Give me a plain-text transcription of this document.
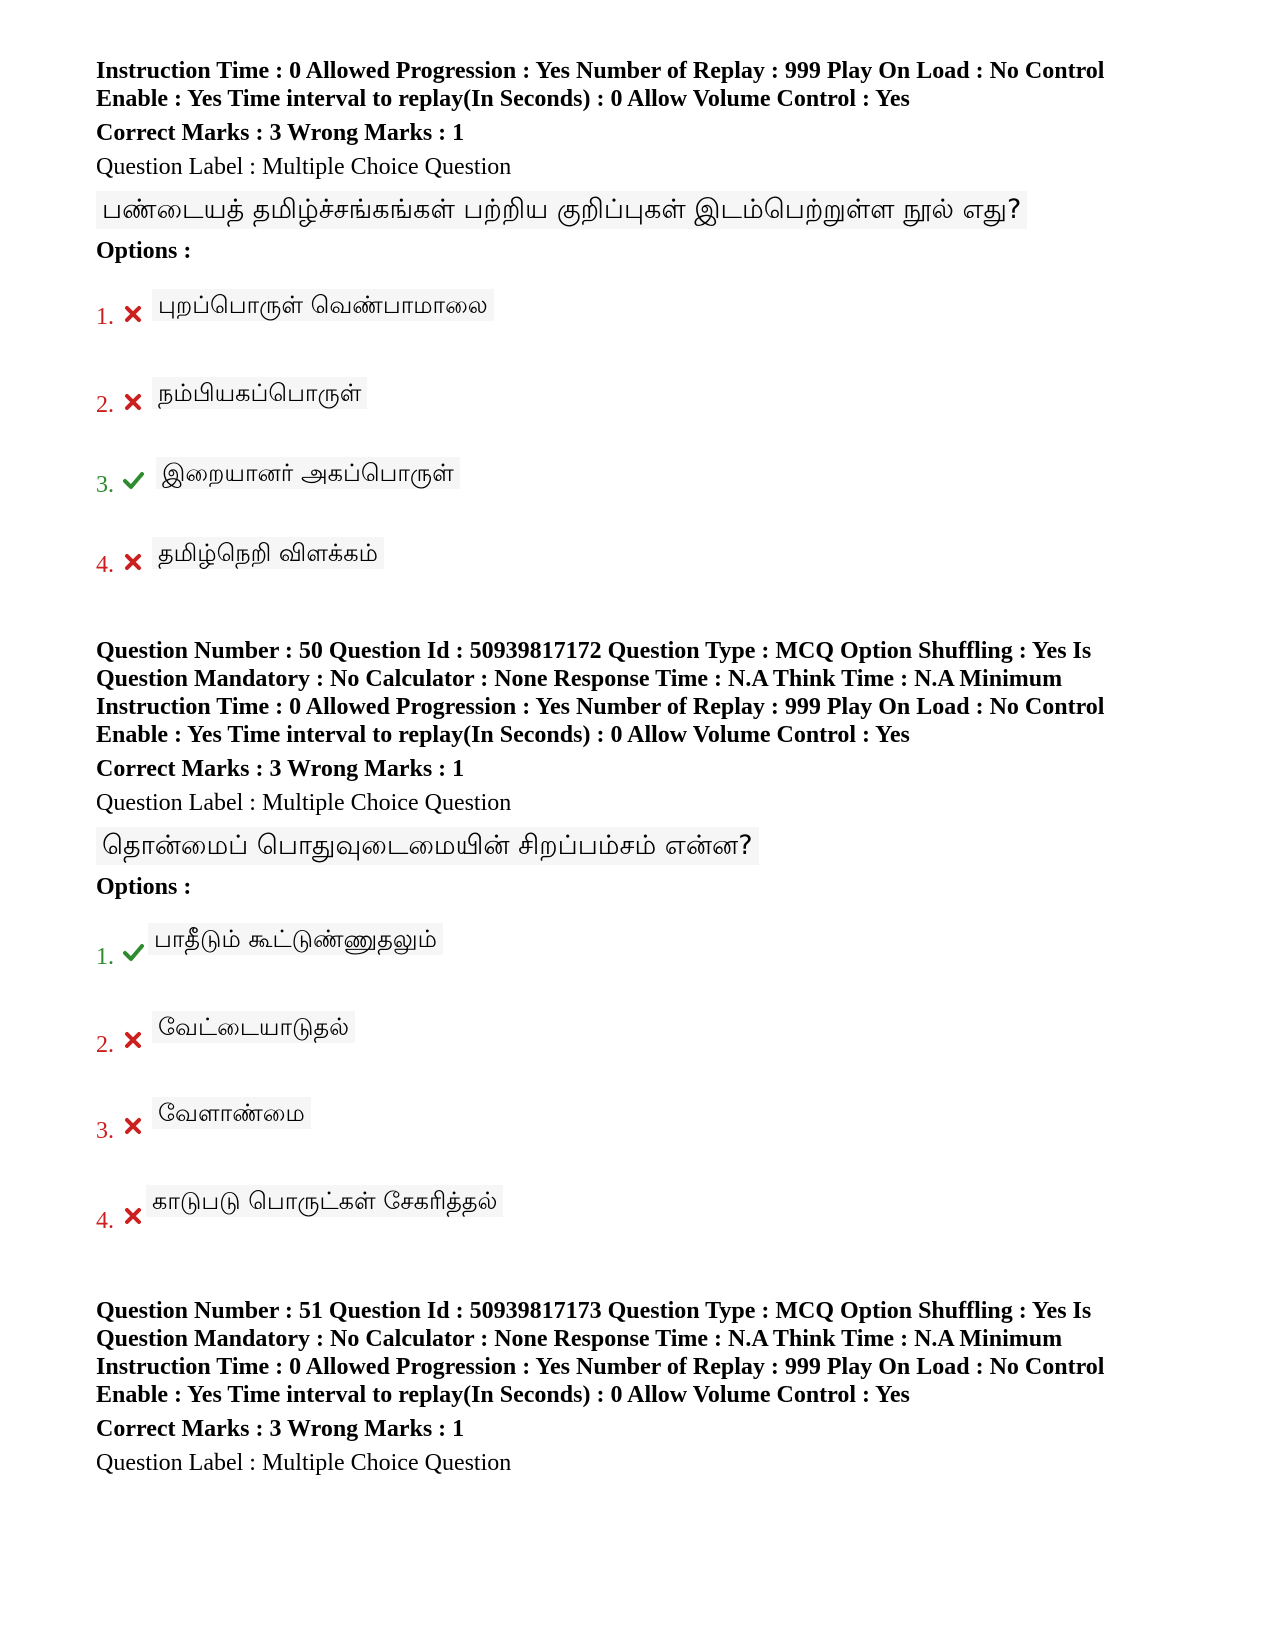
Instruction Time : 0 Allowed Progression : Yes Number of Replay : 999 Play On Load : No Control

Enable : Yes Time interval to replay(In Seconds) : 0 Allow Volume Control : Yes

Correct Marks : 3 Wrong Marks : 1

Question Label : Multiple Choice Question

பண்டையத் தமிழ்ச்சங்கங்கள் பற்றிய குறிப்புகள் இடம்பெற்றுள்ள நூல் எது?

Options :

1. புறப்பொருள் வெண்பாமாலை
2. நம்பியகப்பொருள்
3. இறையானர் அகப்பொருள்
4. தமிழ்நெறி விளக்கம்

Question Number : 50 Question Id : 50939817172 Question Type : MCQ Option Shuffling : Yes Is

Question Mandatory : No Calculator : None Response Time : N.A Think Time : N.A Minimum

Instruction Time : 0 Allowed Progression : Yes Number of Replay : 999 Play On Load : No Control

Enable : Yes Time interval to replay(In Seconds) : 0 Allow Volume Control : Yes

Correct Marks : 3 Wrong Marks : 1

Question Label : Multiple Choice Question

தொன்மைப் பொதுவுடைமையின் சிறப்பம்சம் என்ன?

Options :

1.
பாதீடும் கூட்டுண்ணுதலும்
2.
வேட்டையாடுதல்
3.
வேளாண்மை
4.
காடுபடு பொருட்கள் சேகரித்தல்

Question Number : 51 Question Id : 50939817173 Question Type : MCQ Option Shuffling : Yes Is

Question Mandatory : No Calculator : None Response Time : N.A Think Time : N.A Minimum

Instruction Time : 0 Allowed Progression : Yes Number of Replay : 999 Play On Load : No Control

Enable : Yes Time interval to replay(In Seconds) : 0 Allow Volume Control : Yes

Correct Marks : 3 Wrong Marks : 1

Question Label : Multiple Choice Question
